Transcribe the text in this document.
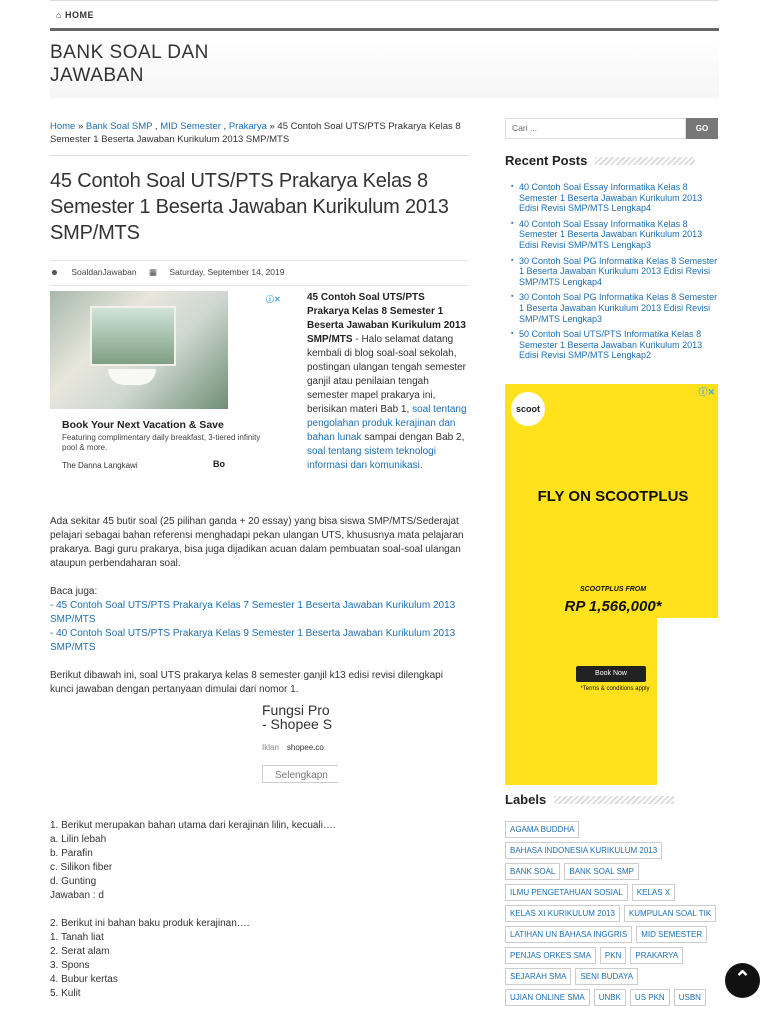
⌂ HOME
BANK SOAL DAN JAWABAN
Home » Bank Soal SMP , MID Semester , Prakarya » 45 Contoh Soal UTS/PTS Prakarya Kelas 8 Semester 1 Beserta Jawaban Kurikulum 2013 SMP/MTS
45 Contoh Soal UTS/PTS Prakarya Kelas 8 Semester 1 Beserta Jawaban Kurikulum 2013 SMP/MTS
☻ SoaldanJawaban ▦ Saturday, September 14, 2019
ⓘ✕
Book Your Next Vacation & Save
Featuring complimentary daily breakfast, 3-tiered infinity pool & more.
The Danna Langkawi	Bo
45 Contoh Soal UTS/PTS Prakarya Kelas 8 Semester 1 Beserta Jawaban Kurikulum 2013 SMP/MTS - Halo selamat datang kembali di blog soal-soal sekolah, postingan ulangan tengah semester ganjil atau penilaian tengah semester mapel prakarya ini, berisikan materi Bab 1, soal tentang pengolahan produk kerajinan dan bahan lunak sampai dengan Bab 2, soal tentang sistem teknologi informasi dan komunikasi.

Ada sekitar 45 butir soal (25 pilihan ganda + 20 essay) yang bisa siswa SMP/MTS/Sederajat pelajari sebagai bahan referensi menghadapi pekan ulangan UTS, khususnya mata pelajaran prakarya. Bagi guru prakarya, bisa juga dijadikan acuan dalam pembuatan soal-soal ulangan ataupun perbendaharan soal.

Baca juga:
- 45 Contoh Soal UTS/PTS Prakarya Kelas 7 Semester 1 Beserta Jawaban Kurikulum 2013 SMP/MTS
- 40 Contoh Soal UTS/PTS Prakarya Kelas 9 Semester 1 Beserta Jawaban Kurikulum 2013 SMP/MTS

Berikut dibawah ini, soal UTS prakarya kelas 8 semester ganjil k13 edisi revisi dilengkapi kunci jawaban dengan pertanyaan dimulai dari nomor 1.

Fungsi Pro
- Shopee S
Iklan shopee.co
Selengkapn

1. Berikut merupakan bahan utama dari kerajinan lilin, kecuali….

a. Lilin lebah

b. Parafin

c. Silikon fiber

d. Gunting

Jawaban : d

2. Berikut ini bahan baku produk kerajinan….

1. Tanah liat

2. Serat alam

3. Spons

4. Bubur kertas

5. Kulit

Cari ...	GO
Recent Posts
▪ 40 Contoh Soal Essay Informatika Kelas 8 Semester 1 Beserta Jawaban Kurikulum 2013 Edisi Revisi SMP/MTS Lengkap4
▪ 40 Contoh Soal Essay Informatika Kelas 8 Semester 1 Beserta Jawaban Kurikulum 2013 Edisi Revisi SMP/MTS Lengkap3
▪ 30 Contoh Soal PG Informatika Kelas 8 Semester 1 Beserta Jawaban Kurikulum 2013 Edisi Revisi SMP/MTS Lengkap4
▪ 30 Contoh Soal PG Informatika Kelas 8 Semester 1 Beserta Jawaban Kurikulum 2013 Edisi Revisi SMP/MTS Lengkap3
▪ 50 Contoh Soal UTS/PTS Informatika Kelas 8 Semester 1 Beserta Jawaban Kurikulum 2013 Edisi Revisi SMP/MTS Lengkap2
scoot
ⓘ✕
FLY ON SCOOTPLUS
SCOOTPLUS FROM
RP 1,566,000*
Book Now
*Terms & conditions apply
Labels
AGAMA BUDDHA
BAHASA INDONESIA KURIKULUM 2013
BANK SOAL	BANK SOAL SMP
ILMU PENGETAHUAN SOSIAL	KELAS X
KELAS XI KURIKULUM 2013	KUMPULAN SOAL TIK
LATIHAN UN BAHASA INGGRIS	MID SEMESTER
PENJAS ORKES SMA	PKN	PRAKARYA
SEJARAH SMA	SENI BUDAYA
UJIAN ONLINE SMA	UNBK	US PKN	USBN
⌃
